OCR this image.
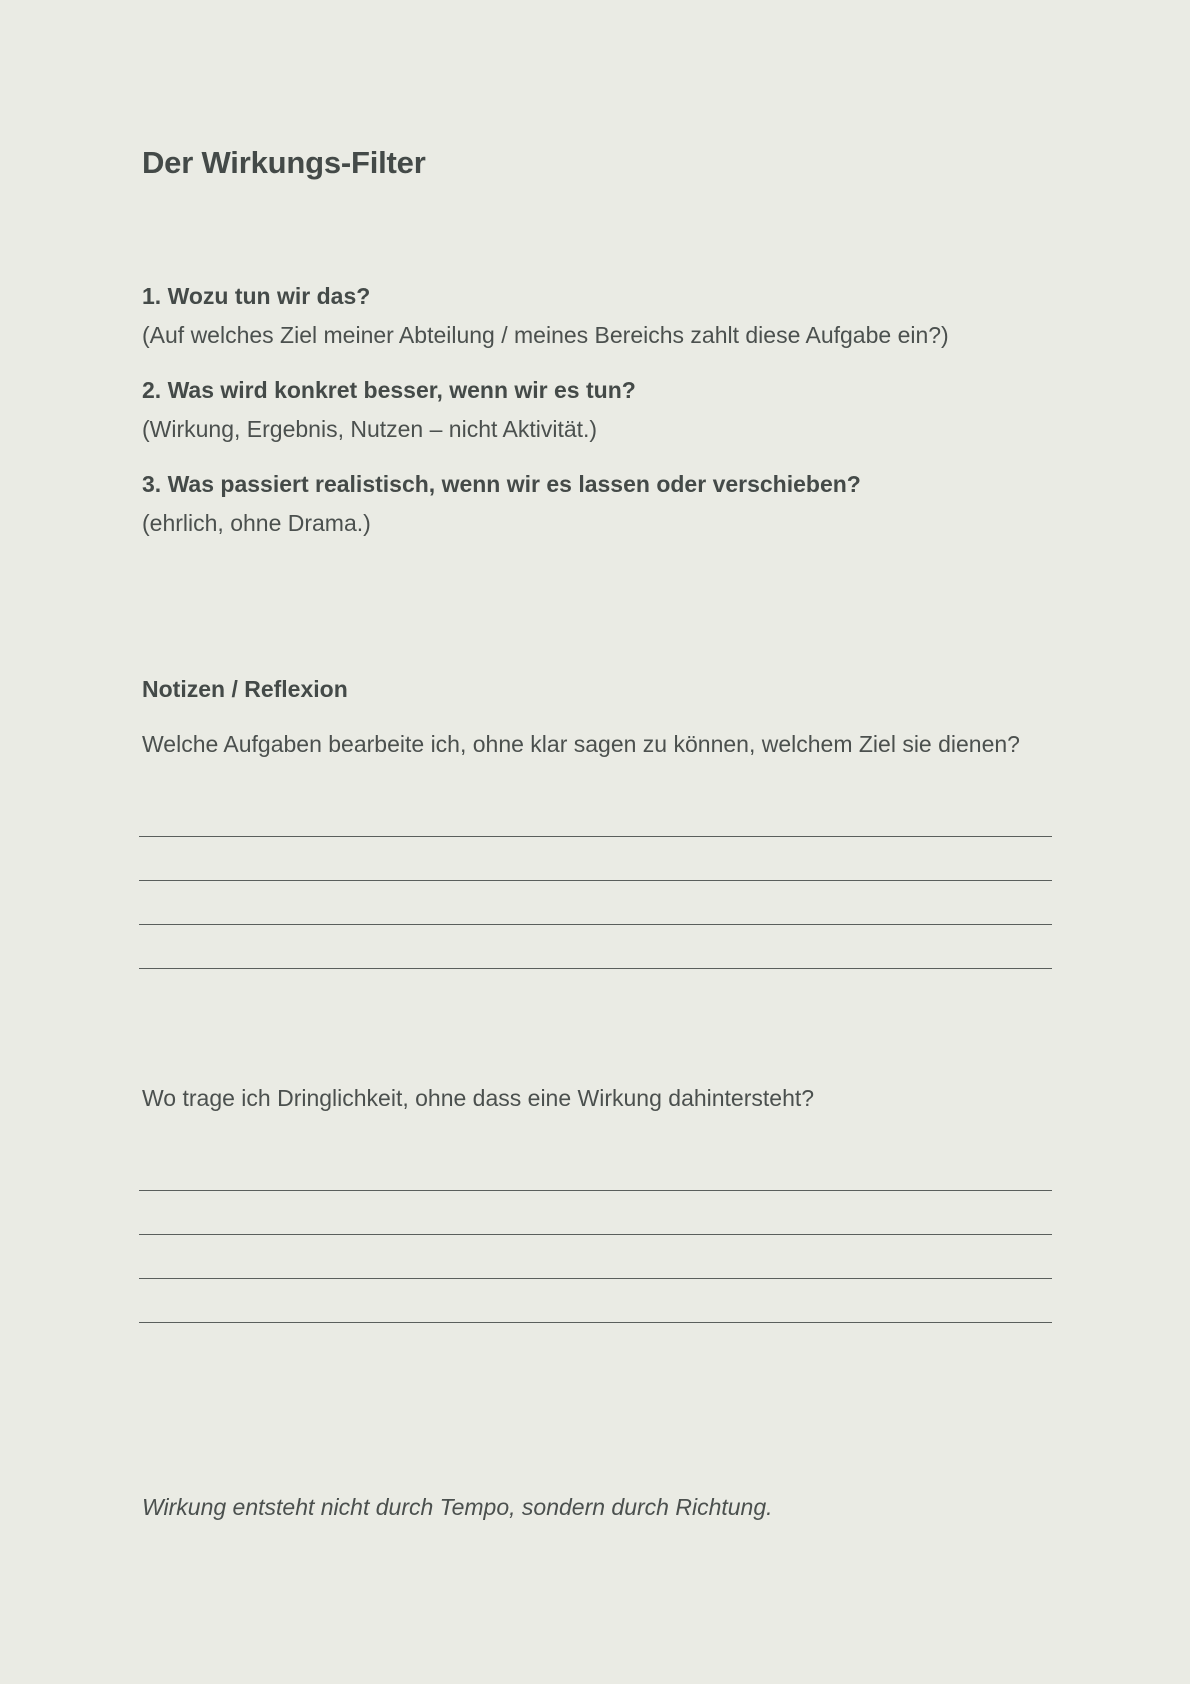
Der Wirkungs-Filter
1. Wozu tun wir das?
(Auf welches Ziel meiner Abteilung / meines Bereichs zahlt diese Aufgabe ein?)
2. Was wird konkret besser, wenn wir es tun?
(Wirkung, Ergebnis, Nutzen – nicht Aktivität.)
3. Was passiert realistisch, wenn wir es lassen oder verschieben?
(ehrlich, ohne Drama.)
Notizen / Reflexion

Welche Aufgaben bearbeite ich, ohne klar sagen zu können, welchem Ziel sie dienen?

Wo trage ich Dringlichkeit, ohne dass eine Wirkung dahintersteht?

Wirkung entsteht nicht durch Tempo, sondern durch Richtung.
